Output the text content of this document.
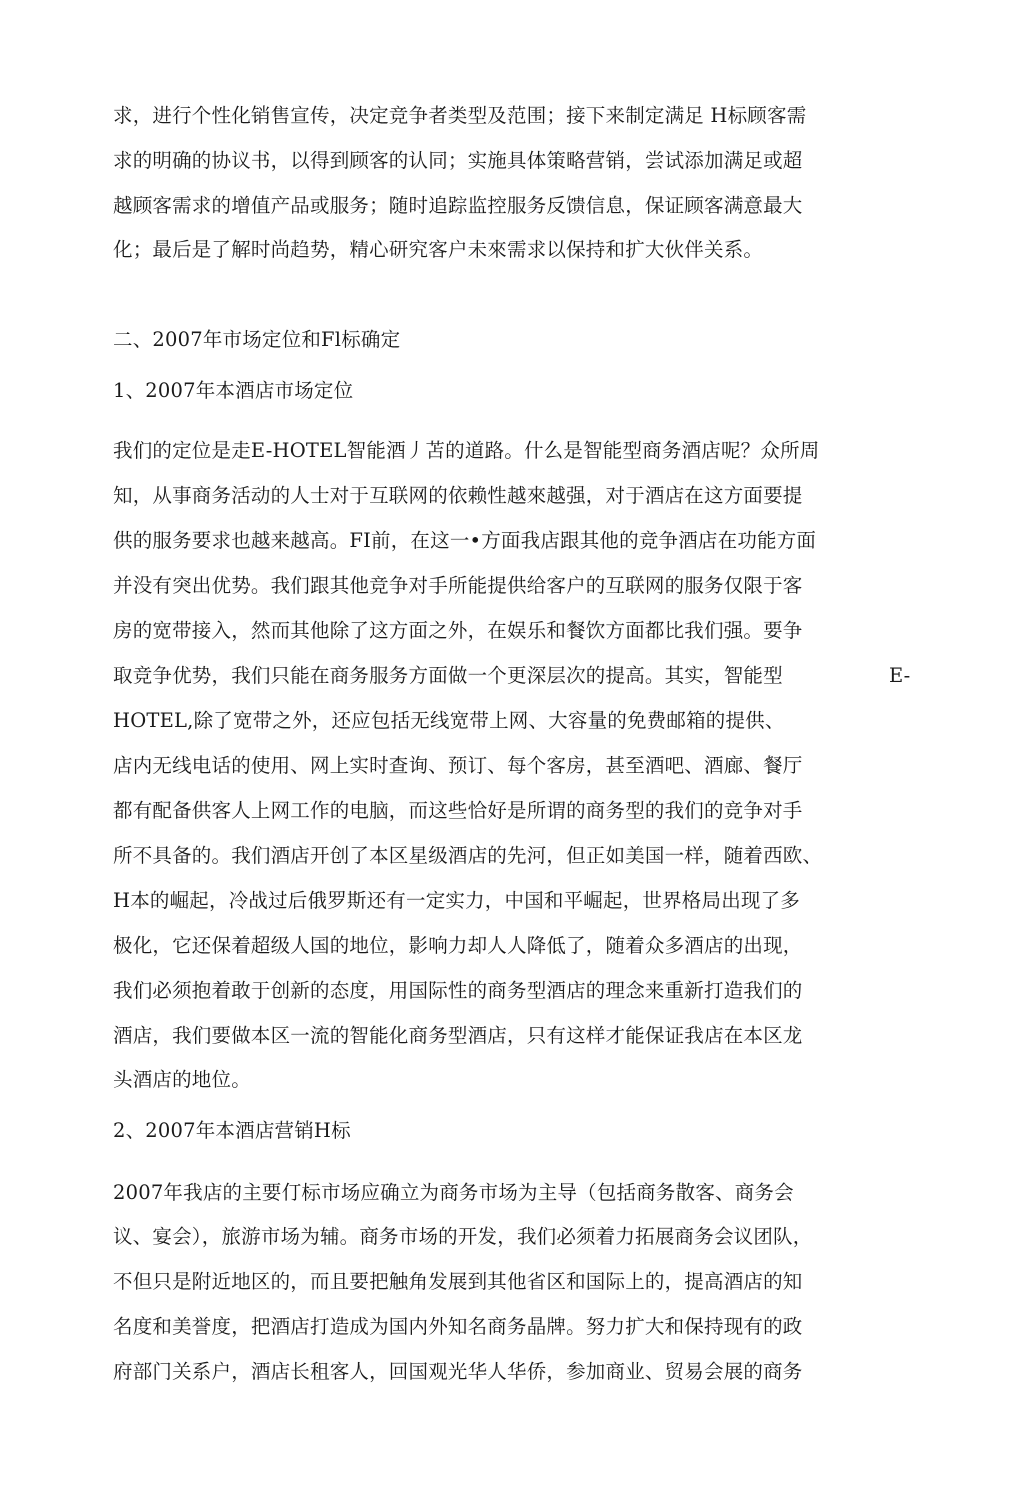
求，进行个性化销售宣传，决定竞争者类型及范围；接下来制定满足 H标顾客需
求的明确的协议书，以得到顾客的认同；实施具体策略营销，尝试添加满足或超
越顾客需求的增值产品或服务；随时追踪监控服务反馈信息，保证顾客满意最大
化；最后是了解时尚趋势，精心研究客户未來需求以保持和扩大伙伴关系。
二、2007年市场定位和Fl标确定
1、2007年本酒店市场定位
我们的定位是走E-HOTEL智能酒丿苫的道路。什么是智能型商务酒店呢？众所周
知，从事商务活动的人士对于互联网的依赖性越來越强，对于酒店在这方面要提
供的服务要求也越来越高。FI前，在这一•方面我店跟其他的竞争酒店在功能方面
并没有突出优势。我们跟其他竞争对手所能提供给客户的互联网的服务仅限于客
房的宽带接入，然而其他除了这方面之外，在娱乐和餐饮方面都比我们强。要争
取竞争优势，我们只能在商务服务方面做一个更深层次的提高。其实，智能型	E-
HOTEL,除了宽带之外，还应包括无线宽带上网、大容量的免费邮箱的提供、
店内无线电话的使用、网上实时查询、预订、每个客房，甚至酒吧、酒廊、餐厅
都有配备供客人上网工作的电脑，而这些恰好是所谓的商务型的我们的竞争对手
所不具备的。我们酒店开创了本区星级酒店的先河，但正如美国一样，随着西欧、
H本的崛起，冷战过后俄罗斯还有一定实力，中国和平崛起，世界格局出现了多
极化，它还保着超级人国的地位，影响力却人人降低了，随着众多酒店的出现，
我们必须抱着敢于创新的态度，用国际性的商务型酒店的理念来重新打造我们的
酒店，我们要做本区一流的智能化商务型酒店，只有这样才能保证我店在本区龙
头酒店的地位。
2、2007年本酒店营销H标
2007年我店的主要仃标市场应确立为商务市场为主导（包括商务散客、商务会
议、宴会），旅游市场为辅。商务市场的开发，我们必须着力拓展商务会议团队，
不但只是附近地区的，而且要把触角发展到其他省区和国际上的，提高酒店的知
名度和美誉度，把酒店打造成为国内外知名商务晶牌。努力扩大和保持现有的政
府部门关系户，酒店长租客人，回国观光华人华侨，参加商业、贸易会展的商务
